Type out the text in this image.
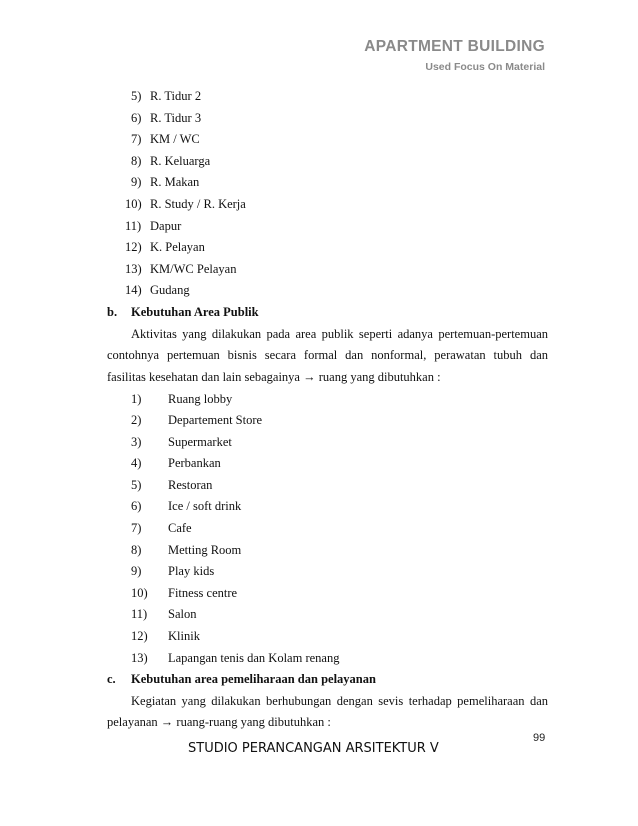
APARTMENT BUILDING
Used Focus On Material
5) R. Tidur 2
6) R. Tidur 3
7) KM / WC
8) R. Keluarga
9) R. Makan
10) R. Study / R. Kerja
11) Dapur
12) K. Pelayan
13) KM/WC Pelayan
14) Gudang
b. Kebutuhan Area Publik
Aktivitas yang dilakukan pada area publik seperti adanya pertemuan-pertemuan
contohnya pertemuan bisnis secara formal dan nonformal, perawatan tubuh dan
fasilitas kesehatan dan lain sebagainya → ruang yang dibutuhkan :
1) Ruang lobby
2) Departement Store
3) Supermarket
4) Perbankan
5) Restoran
6) Ice / soft drink
7) Cafe
8) Metting Room
9) Play kids
10) Fitness centre
11) Salon
12) Klinik
13) Lapangan tenis dan Kolam renang
c. Kebutuhan area pemeliharaan dan pelayanan
Kegiatan yang dilakukan berhubungan dengan sevis terhadap pemeliharaan dan
pelayanan → ruang-ruang yang dibutuhkan :
99
STUDIO PERANCANGAN ARSITEKTUR V
